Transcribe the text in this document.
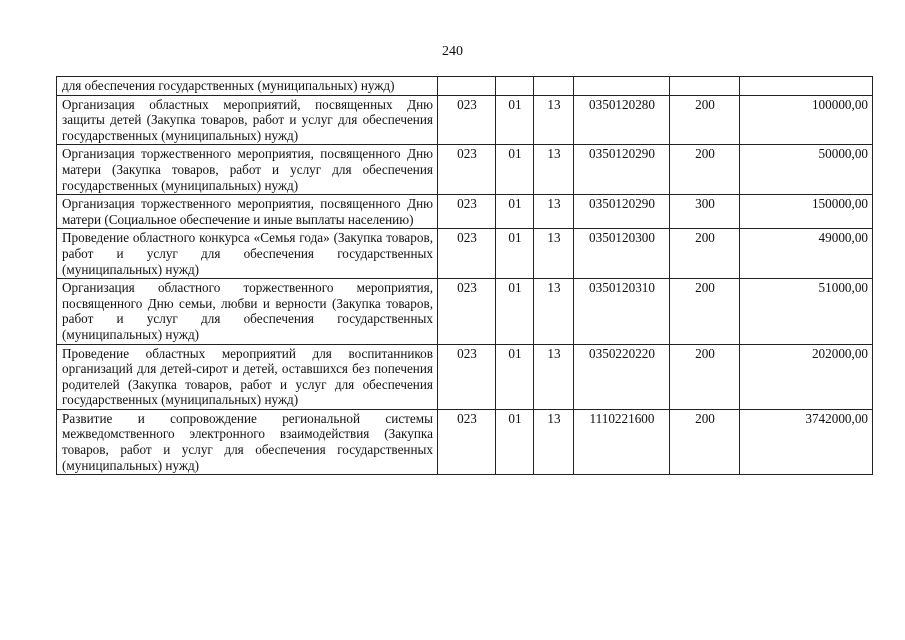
240
для обеспечения государственных (муниципальных) нужд)						
Организация областных мероприятий, посвященных Дню защиты детей (Закупка товаров, работ и услуг для обеспечения государственных (муниципальных) нужд)	023	01	13	0350120280	200	100000,00
Организация торжественного мероприятия, посвященного Дню матери (Закупка товаров, работ и услуг для обеспечения государственных (муниципальных) нужд)	023	01	13	0350120290	200	50000,00
Организация торжественного мероприятия, посвященного Дню матери (Социальное обеспечение и иные выплаты населению)	023	01	13	0350120290	300	150000,00
Проведение областного конкурса «Семья года» (Закупка товаров, работ и услуг для обеспечения государственных (муниципальных) нужд)	023	01	13	0350120300	200	49000,00
Организация областного торжественного мероприятия, посвященного Дню семьи, любви и верности (Закупка товаров, работ и услуг для обеспечения государственных (муниципальных) нужд)	023	01	13	0350120310	200	51000,00
Проведение областных мероприятий для воспитанников организаций для детей-сирот и детей, оставшихся без попечения родителей (Закупка товаров, работ и услуг для обеспечения государственных (муниципальных) нужд)	023	01	13	0350220220	200	202000,00
Развитие и сопровождение региональной системы межведомственного электронного взаимодействия (Закупка товаров, работ и услуг для обеспечения государственных (муниципальных) нужд)	023	01	13	1110221600	200	3742000,00
